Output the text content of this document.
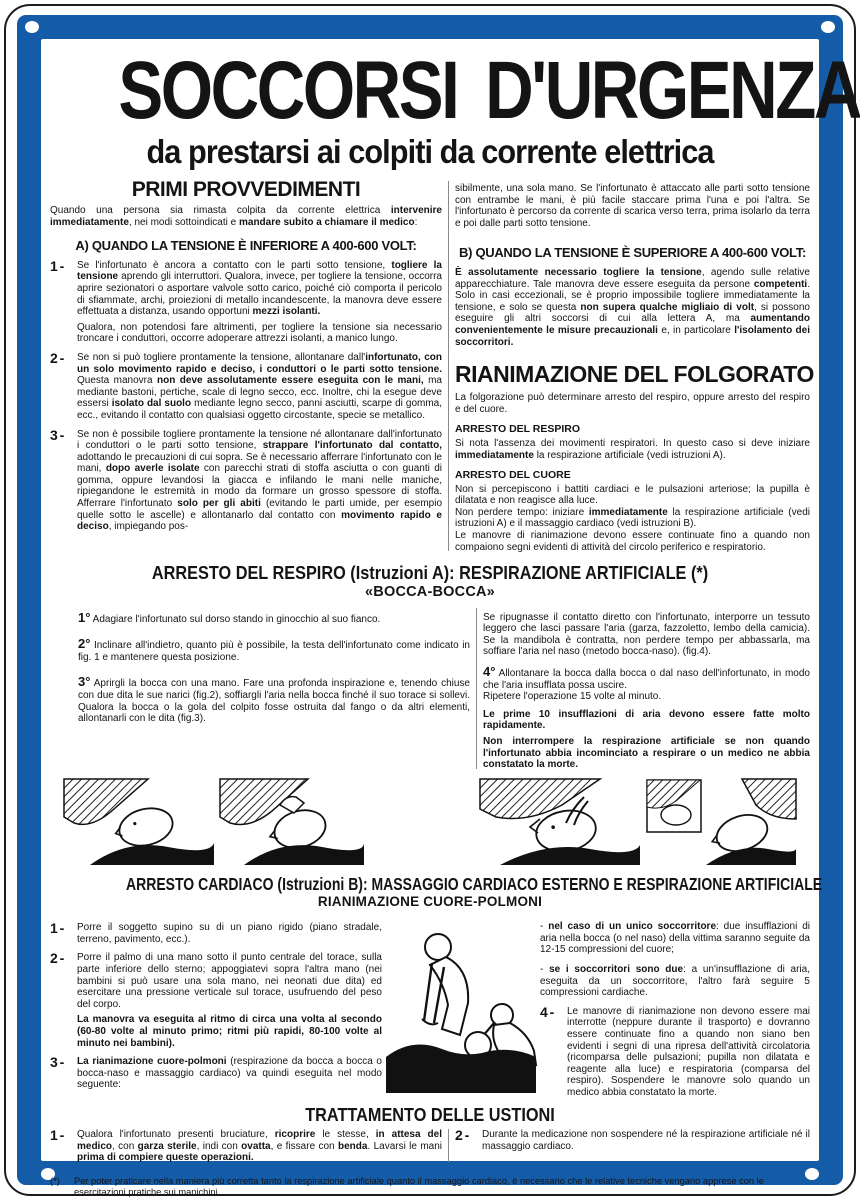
SOCCORSI D'URGENZA
da prestarsi ai colpiti da corrente elettrica
PRIMI PROVVEDIMENTI

Quando una persona sia rimasta colpita da corrente elettrica intervenire immediatamente, nei modi sottoindicati e mandare subito a chiamare il medico:

A) QUANDO LA TENSIONE È INFERIORE A 400-600 VOLT:
1 -	Se l'infortunato è ancora a contatto con le parti sotto tensione, togliere la tensione aprendo gli interruttori. Qualora, invece, per togliere la tensione, occorra aprire sezionatori o asportare valvole sotto carico, poiché ciò comporta il pericolo di sfiammate, archi, proiezioni di metallo incandescente, la manovra deve essere effettuata a distanza, usando opportuni mezzi isolanti.

Qualora, non potendosi fare altrimenti, per togliere la tensione sia necessario troncare i conduttori, occorre adoperare attrezzi isolanti, a manico lungo.

2 -	Se non si può togliere prontamente la tensione, allontanare dall'infortunato, con un solo movimento rapido e deciso, i conduttori o le parti sotto tensione. Questa manovra non deve assolutamente essere eseguita con le mani, ma mediante bastoni, pertiche, scale di legno secco, ecc. Inoltre, chi la esegue deve essersi isolato dal suolo mediante legno secco, panni asciutti, scarpe di gomma, ecc., evitando il contatto con qualsiasi oggetto circostante, specie se metallico.

3 -	Se non è possibile togliere prontamente la tensione né allontanare dall'infortunato i conduttori o le parti sotto tensione, strappare l'infortunato dal contatto, adottando le precauzioni di cui sopra. Se è necessario afferrare l'infortunato con le mani, dopo averle isolate con parecchi strati di stoffa asciutta o con guanti di gomma, oppure levandosi la giacca e infilando le mani nelle maniche, ripiegandone le estremità in modo da formare un grosso spessore di stoffa. Afferrare l'infortunato solo per gli abiti (evitando le parti umide, per esempio quelle sotto le ascelle) e allontanarlo dal contatto con movimento rapido e deciso, impiegando pos-

sibilmente, una sola mano. Se l'infortunato è attaccato alle parti sotto tensione con entrambe le mani, è più facile staccare prima l'una e poi l'altra. Se l'infortunato è percorso da corrente di scarica verso terra, prima isolarlo da terra e poi dalle parti sotto tensione.

B) QUANDO LA TENSIONE È SUPERIORE A 400-600 VOLT:

È assolutamente necessario togliere la tensione, agendo sulle relative apparecchiature. Tale manovra deve essere eseguita da persone competenti. Solo in casi eccezionali, se è proprio impossibile togliere immediatamente la tensione, e solo se questa non supera qualche migliaio di volt, si possono eseguire gli altri soccorsi di cui alla lettera A, ma aumentando convenientemente le misure precauzionali e, in particolare l'isolamento dei soccorritori.

RIANIMAZIONE DEL FOLGORATO

La folgorazione può determinare arresto del respiro, oppure arresto del respiro e del cuore.

ARRESTO DEL RESPIRO

Si nota l'assenza dei movimenti respiratori. In questo caso si deve iniziare immediatamente la respirazione artificiale (vedi istruzioni A).

ARRESTO DEL CUORE

Non si percepiscono i battiti cardiaci e le pulsazioni arteriose; la pupilla è dilatata e non reagisce alla luce.

Non perdere tempo: iniziare immediatamente la respirazione artificiale (vedi istruzioni A) e il massaggio cardiaco (vedi istruzioni B).

Le manovre di rianimazione devono essere continuate fino a quando non compaiono segni evidenti di attività del circolo periferico e respiratorio.

ARRESTO DEL RESPIRO (Istruzioni A): RESPIRAZIONE ARTIFICIALE (*)
«BOCCA-BOCCA»

1° Adagiare l'infortunato sul dorso stando in ginocchio al suo fianco.

2° Inclinare all'indietro, quanto più è possibile, la testa dell'infortunato come indicato in fig. 1 e mantenere questa posizione.

3° Aprirgli la bocca con una mano. Fare una profonda inspirazione e, tenendo chiuse con due dita le sue narici (fig.2), soffiargli l'aria nella bocca finché il suo torace si sollevi. Qualora la bocca o la gola del colpito fosse ostruita dal fango o da altri elementi, allontanarli con le dita (fig.3).

Se ripugnasse il contatto diretto con l'infortunato, interporre un tessuto leggero che lasci passare l'aria (garza, fazzoletto, lembo della camicia). Se la mandibola è contratta, non perdere tempo per abbassarla, ma soffiare l'aria nel naso (metodo bocca-naso). (fig.4).

4° Allontanare la bocca dalla bocca o dal naso dell'infortunato, in modo che l'aria insufflata possa uscire.

Ripetere l'operazione 15 volte al minuto.

Le prime 10 insufflazioni di aria devono essere fatte molto rapidamente.

Non interrompere la respirazione artificiale se non quando l'infortunato abbia incominciato a respirare o un medico ne abbia constatato la morte.

ARRESTO CARDIACO (Istruzioni B): MASSAGGIO CARDIACO ESTERNO E RESPIRAZIONE ARTIFICIALE
RIANIMAZIONE CUORE-POLMONI
1 -	Porre il soggetto supino su di un piano rigido (piano stradale, terreno, pavimento, ecc.).

2 -	Porre il palmo di una mano sotto il punto centrale del torace, sulla parte inferiore dello sterno; appoggiatevi sopra l'altra mano (nei bambini si può usare una sola mano, nei neonati due dita) ed esercitare una pressione verticale sul torace, usufruendo del peso del corpo.

La manovra va eseguita al ritmo di circa una volta al secondo (60-80 volte al minuto primo; ritmi più rapidi, 80-100 volte al minuto nei bambini).

3 -	La rianimazione cuore-polmoni (respirazione da bocca a bocca o bocca-naso e massaggio cardiaco) va quindi eseguita nel modo seguente:

- nel caso di un unico soccorritore: due insufflazioni di aria nella bocca (o nel naso) della vittima saranno seguite da 12-15 compressioni del cuore;

- se i soccorritori sono due: a un'insufflazione di aria, eseguita da un soccorritore, l'altro farà seguire 5 compressioni cardiache.

4 -	Le manovre di rianimazione non devono essere mai interrotte (neppure durante il trasporto) e dovranno essere continuate fino a quando non siano ben evidenti i segni di una ripresa dell'attività circolatoria (ricomparsa delle pulsazioni; pupilla non dilatata e reagente alla luce) e respiratoria (comparsa del respiro). Sospendere le manovre solo quando un medico abbia constatato la morte.

TRATTAMENTO DELLE USTIONI
1 -	Qualora l'infortunato presenti bruciature, ricoprire le stesse, in attesa del medico, con garza sterile, indi con ovatta, e fissare con benda. Lavarsi le mani prima di compiere queste operazioni.

2 -	Durante la medicazione non sospendere né la respirazione artificiale né il massaggio cardiaco.

(*)	Per poter praticare nella maniera più corretta tanto la respirazione artificiale quanto il massaggio cardiaco, è necessario che le relative tecniche vengano apprese con le esercitazioni pratiche sui manichini.
